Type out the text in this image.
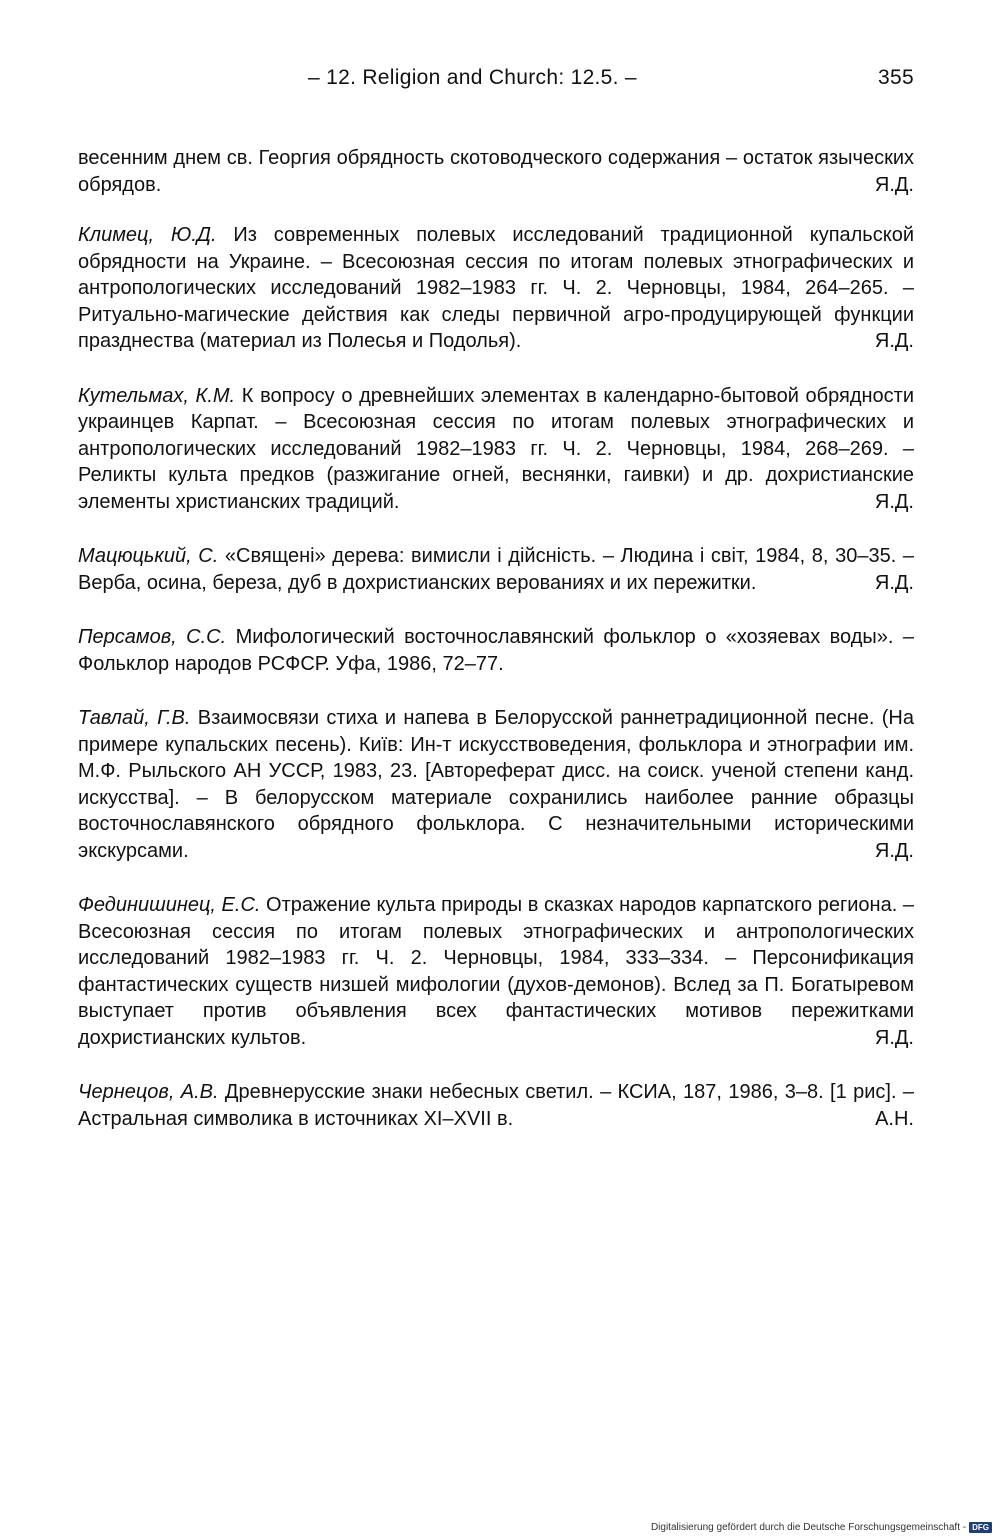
– 12. Religion and Church: 12.5. –	355

весенним днем св. Георгия обрядность скотоводческого содержания – остаток языческих обрядов.	Я.Д.

Климец, Ю.Д. Из современных полевых исследований традиционной купальской обрядности на Украине. – Всесоюзная сессия по итогам полевых этнографических и антропологических исследований 1982–1983 гг. Ч. 2. Черновцы, 1984, 264–265. – Ритуально-магические действия как следы первичной агро-продуцирующей функции празднества (материал из Полесья и Подолья).	Я.Д.

Кутельмах, К.М. К вопросу о древнейших элементах в календарно-бытовой обрядности украинцев Карпат. – Всесоюзная сессия по итогам полевых этнографических и антропологических исследований 1982–1983 гг. Ч. 2. Черновцы, 1984, 268–269. – Реликты культа предков (разжигание огней, веснянки, гаивки) и др. дохристианские элементы христианских традиций.	Я.Д.

Мацюцький, С. «Священі» дерева: вимисли і дійсність. – Людина і світ, 1984, 8, 30–35. – Верба, осина, береза, дуб в дохристианских верованиях и их пережитки.	Я.Д.

Персамов, С.С. Мифологический восточнославянский фольклор о «хозяевах воды». – Фольклор народов РСФСР. Уфа, 1986, 72–77.

Тавлай, Г.В. Взаимосвязи стиха и напева в Белорусской раннетрадиционной песне. (На примере купальских песень). Київ: Ин-т искусствоведения, фольклора и этнографии им. М.Ф. Рыльского АН УССР, 1983, 23. [Автореферат дисс. на соиск. ученой степени канд. искусства]. – В белорусском материале сохранились наиболее ранние образцы восточнославянского обрядного фольклора. С незначительными историческими экскурсами.	Я.Д.

Фединишинец, Е.С. Отражение культа природы в сказках народов карпатского региона. – Всесоюзная сессия по итогам полевых этнографических и антропологических исследований 1982–1983 гг. Ч. 2. Черновцы, 1984, 333–334. – Персонификация фантастических существ низшей мифологии (духов-демонов). Вслед за П. Богатыревом выступает против объявления всех фантастических мотивов пережитками дохристианских культов.	Я.Д.

Чернецов, А.В. Древнерусские знаки небесных светил. – КСИА, 187, 1986, 3–8. [1 рис]. – Астральная символика в источниках XI–XVII в.	А.Н.

Digitalisierung gefördert durch die Deutsche Forschungsgemeinschaft - DFG
